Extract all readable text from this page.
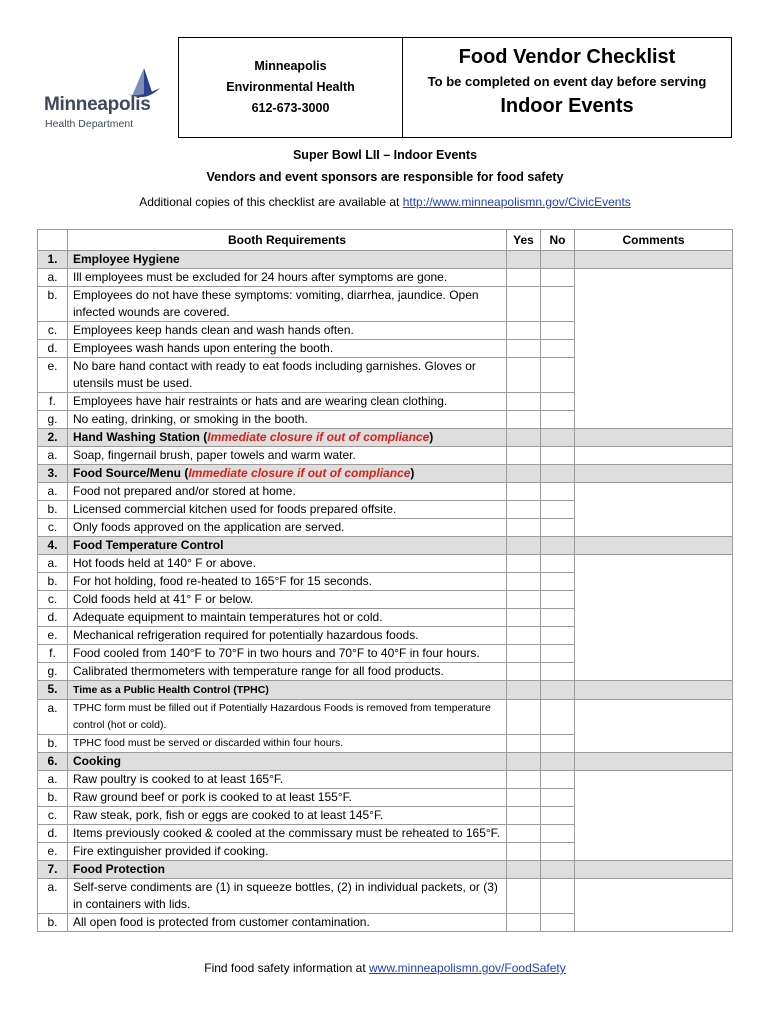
Minneapolis
Health Department
Minneapolis
Environmental Health
612-673-3000
Food Vendor Checklist
To be completed on event day before serving
Indoor Events
Super Bowl LII – Indoor Events
Vendors and event sponsors are responsible for food safety
Additional copies of this checklist are available at http://www.minneapolismn.gov/CivicEvents
	Booth Requirements	Yes	No	Comments
1.	Employee Hygiene			
a.	Ill employees must be excluded for 24 hours after symptoms are gone.			
b.	Employees do not have these symptoms: vomiting, diarrhea, jaundice. Open infected wounds are covered.			
c.	Employees keep hands clean and wash hands often.			
d.	Employees wash hands upon entering the booth.			
e.	No bare hand contact with ready to eat foods including garnishes. Gloves or utensils must be used.			
f.	Employees have hair restraints or hats and are wearing clean clothing.			
g.	No eating, drinking, or smoking in the booth.			
2.	Hand Washing Station (Immediate closure if out of compliance)			
a.	Soap, fingernail brush, paper towels and warm water.			
3.	Food Source/Menu (Immediate closure if out of compliance)			
a.	Food not prepared and/or stored at home.			
b.	Licensed commercial kitchen used for foods prepared offsite.			
c.	Only foods approved on the application are served.			
4.	Food Temperature Control			
a.	Hot foods held at 140° F or above.			
b.	For hot holding, food re-heated to 165°F for 15 seconds.			
c.	Cold foods held at 41° F or below.			
d.	Adequate equipment to maintain temperatures hot or cold.			
e.	Mechanical refrigeration required for potentially hazardous foods.			
f.	Food cooled from 140°F to 70°F in two hours and 70°F to 40°F in four hours.			
g.	Calibrated thermometers with temperature range for all food products.			
5.	Time as a Public Health Control (TPHC)			
a.	TPHC form must be filled out if Potentially Hazardous Foods is removed from temperature control (hot or cold).			
b.	TPHC food must be served or discarded within four hours.			
6.	Cooking			
a.	Raw poultry is cooked to at least 165°F.			
b.	Raw ground beef or pork is cooked to at least 155°F.			
c.	Raw steak, pork, fish or eggs are cooked to at least 145°F.			
d.	Items previously cooked & cooled at the commissary must be reheated to 165°F.			
e.	Fire extinguisher provided if cooking.			
7.	Food Protection			
a.	Self-serve condiments are (1) in squeeze bottles, (2) in individual packets, or (3) in containers with lids.			
b.	All open food is protected from customer contamination.			
Find food safety information at www.minneapolismn.gov/FoodSafety
